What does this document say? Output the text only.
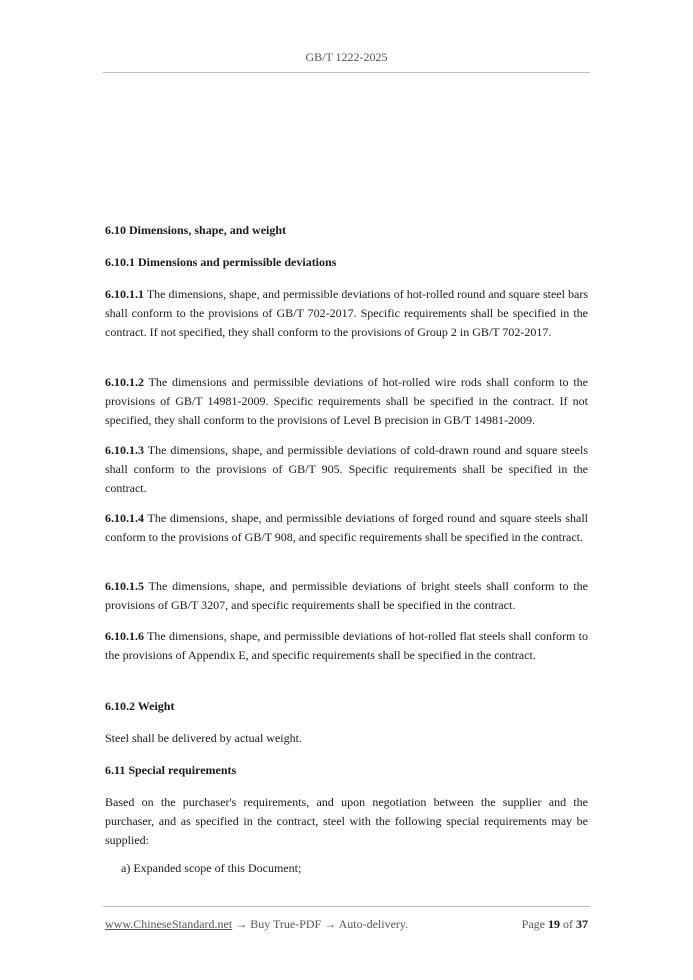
GB/T 1222-2025
6.10 Dimensions, shape, and weight
6.10.1 Dimensions and permissible deviations

6.10.1.1 The dimensions, shape, and permissible deviations of hot-rolled round and square steel bars shall conform to the provisions of GB/T 702-2017. Specific requirements shall be specified in the contract. If not specified, they shall conform to the provisions of Group 2 in GB/T 702-2017.

6.10.1.2 The dimensions and permissible deviations of hot-rolled wire rods shall conform to the provisions of GB/T 14981-2009. Specific requirements shall be specified in the contract. If not specified, they shall conform to the provisions of Level B precision in GB/T 14981-2009.

6.10.1.3 The dimensions, shape, and permissible deviations of cold-drawn round and square steels shall conform to the provisions of GB/T 905. Specific requirements shall be specified in the contract.

6.10.1.4 The dimensions, shape, and permissible deviations of forged round and square steels shall conform to the provisions of GB/T 908, and specific requirements shall be specified in the contract.

6.10.1.5 The dimensions, shape, and permissible deviations of bright steels shall conform to the provisions of GB/T 3207, and specific requirements shall be specified in the contract.

6.10.1.6 The dimensions, shape, and permissible deviations of hot-rolled flat steels shall conform to the provisions of Appendix E, and specific requirements shall be specified in the contract.

6.10.2 Weight
Steel shall be delivered by actual weight.
6.11 Special requirements
Based on the purchaser's requirements, and upon negotiation between the supplier and the purchaser, and as specified in the contract, steel with the following special requirements may be supplied:
a) Expanded scope of this Document;
www.ChineseStandard.net → Buy True-PDF → Auto-delivery.	Page 19 of 37
